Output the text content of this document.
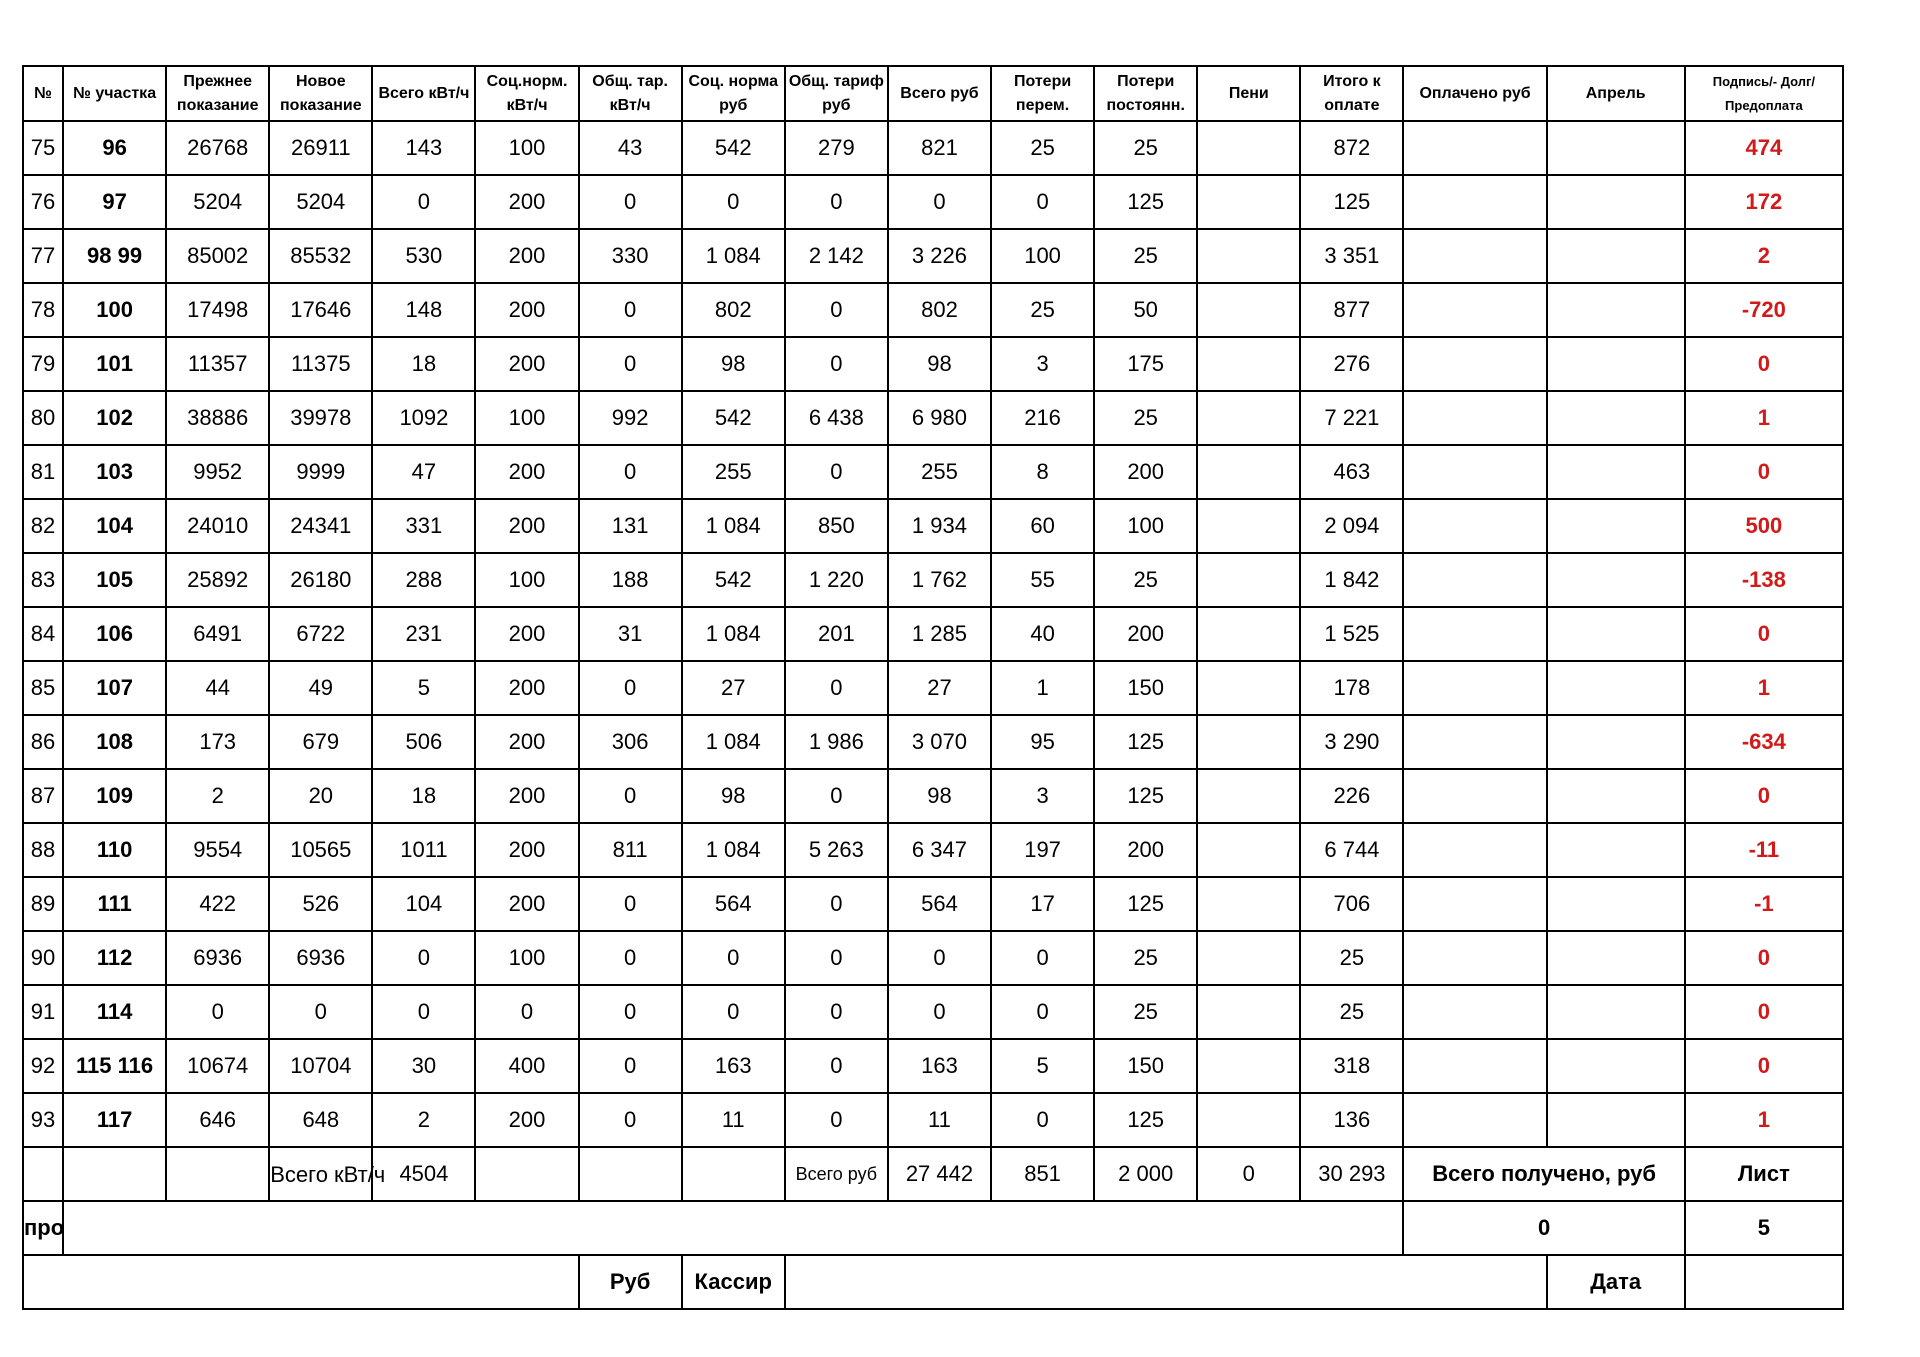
№	№ участка	Прежнее показание	Новое показание	Всего кВт/ч	Соц.норм. кВт/ч	Общ. тар. кВт/ч	Соц. норма руб	Общ. тариф руб	Всего руб	Потери перем.	Потери постоянн.	Пени	Итого к оплате	Оплачено руб	Апрель	Подпись/- Долг/Предоплата
75	96	26768	26911	143	100	43	542	279	821	25	25		872			474
76	97	5204	5204	0	200	0	0	0	0	0	125		125			172
77	98 99	85002	85532	530	200	330	1 084	2 142	3 226	100	25		3 351			2
78	100	17498	17646	148	200	0	802	0	802	25	50		877			-720
79	101	11357	11375	18	200	0	98	0	98	3	175		276			0
80	102	38886	39978	1092	100	992	542	6 438	6 980	216	25		7 221			1
81	103	9952	9999	47	200	0	255	0	255	8	200		463			0
82	104	24010	24341	331	200	131	1 084	850	1 934	60	100		2 094			500
83	105	25892	26180	288	100	188	542	1 220	1 762	55	25		1 842			-138
84	106	6491	6722	231	200	31	1 084	201	1 285	40	200		1 525			0
85	107	44	49	5	200	0	27	0	27	1	150		178			1
86	108	173	679	506	200	306	1 084	1 986	3 070	95	125		3 290			-634
87	109	2	20	18	200	0	98	0	98	3	125		226			0
88	110	9554	10565	1011	200	811	1 084	5 263	6 347	197	200		6 744			-11
89	111	422	526	104	200	0	564	0	564	17	125		706			-1
90	112	6936	6936	0	100	0	0	0	0	0	25		25			0
91	114	0	0	0	0	0	0	0	0	0	25		25			0
92	115 116	10674	10704	30	400	0	163	0	163	5	150		318			0
93	117	646	648	2	200	0	11	0	11	0	125		136			1
			Всего кВт/ч	4504				Всего руб	27 442	851	2 000	0	30 293	Всего получено, руб		Лист
про														0		5
						Руб	Кассир								Дата	
